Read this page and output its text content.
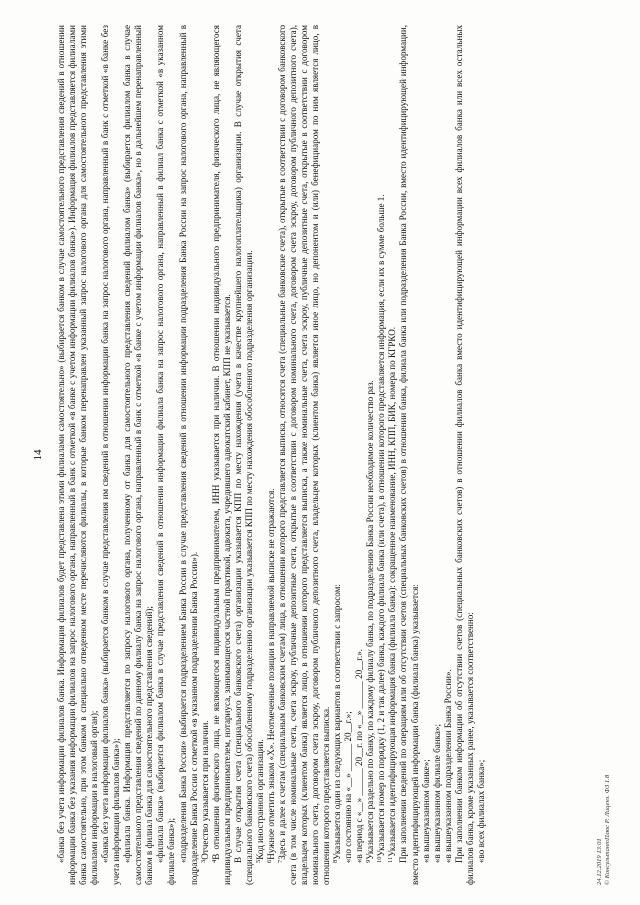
14 «банка без учета информации филиалов банка. Информация филиалов будет представлена этими филиалами самостоятельно» (выбирается банком в случае самостоятельного представления сведений в отношении информации банка без указания информации филиалов на запрос налогового органа, направленный в банк с отметкой «в банке с учетом информации филиалов банка»). Информация филиалов представляется филиалами банка самостоятельно, при этом банком в специально отведенном месте перечисляются филиалы, в которые банком перенаправлен указанный запрос налогового органа для самостоятельного представления этими филиалами информации в налоговый орган); «банка без учета информации филиалов банка» (выбирается банком в случае представления им сведений в отношении информации банка на запрос налогового органа, направленный в банк с отметкой «в банке без учета информации филиалов банка»); «филиала банка. Информация представляется по запросу налогового органа, полученному от банка для самостоятельного представления сведений филиалом банка» (выбирается филиалом банка в случае самостоятельного представления сведений по данному филиалу банка на запрос налогового органа, направленный в банк с отметкой «в банке с учетом информации филиалов банка», но в дальнейшем перенаправленный банком в филиал банка для самостоятельного представления сведений); «филиала банка» (выбирается филиалом банка в случае представления сведений в отношении информации филиала банка на запрос налогового органа, направленный в филиал банка с отметкой «в указанном филиале банка»); «подразделения Банка России» (выбирается подразделением Банка России в случае представления сведений в отношении информации подразделения Банка России на запрос налогового органа, направленный в подразделение Банка России с отметкой «в указанном подразделении Банка России»). $^3$Отчество указывается при наличии.

$^4$В отношении физического лица, не являющегося индивидуальным предпринимателем, ИНН указывается при наличии. В отношении индивидуального предпринимателя, физического лица, не являющегося индивидуальным предпринимателем, нотариуса, занимающегося частной практикой, адвоката, учредившего адвокатский кабинет, КПП не указывается. В случае открытия счета (специального банковского счета) организации указывается КПП по месту нахождения (учета в качестве крупнейшего налогоплательщика) организации. В случае открытия счета (специального банковского счета) обособленному подразделению организации указывается КПП по месту нахождения обособленного подразделения организации. $^5$Код иностранной организации.

$^6$Нужное отметить знаком «Х». Неотмеченные позиции в направляемой выписке не отражаются.

$^7$Здесь и далее к счетам (специальным банковским счетам) лица, в отношении которого представляется выписка, относятся счета (специальные банковские счета), открытые в соответствии с договором банковского счета (в том числе номинальные счета, счета эскроу, публичные депозитные счета, открытые в соответствии с договором номинального счета, договором счета эскроу, договором публичного депозитного счета), владельцем которых (клиентом банка) является лицо, в отношении которого представляется выписка, а также номинальные счета, счета эскроу, публичные депозитные счета, открытые в соответствии с договором номинального счета, договором счета эскроу, договором публичного депозитного счета, владельцем которых (клиентом банка) является иное лицо, но депонентом и (или) бенефициаром по ним является лицо, в отношении которого представляется выписка. $^8$Указывается один из следующих вариантов в соответствии с запросом: «по состоянию на «__» ______ 20__г.»; «в период с «__» ______ 20__г. по «__» ______ 20__г.». $^9$Указывается раздельно по банку, по каждому филиалу банка, по подразделению Банка России необходимое количество раз. $^{10}$Указывается номер по порядку (1, 2 и так далее) банка, каждого филиала банка (или счета), в отношении которого представляется информация, если их в сумме больше 1.

$^{11}$Указывается идентифицирующая информация банка (филиала банка): сокращенное наименование, ИНН, КПП, БИК, номера по КГРКО. При заполнении сведений по операциям или об отсутствии счетов (специальных банковских счетов) в отношении банка, филиала банка или подразделения Банка России, вместо идентифицирующей информации, вместо идентифицирующей информации банка (филиала банка) указывается: «в вышеуказанном банке»; «в вышеуказанном филиале банка»; «в вышеуказанном подразделении Банка России». При заполнении банком информации об отсутствии счетов (специальных банковских счетов) в отношении филиалов банка вместо идентифицирующей информации всех филиалов банка или всех остальных филиалов банка, кроме указанных ранее, указывается соответственно: «во всех филиалах банка»;	24.12.2019 13:01 © КонсультантПлюс Р. Лиценз. ФЗ 1.8
